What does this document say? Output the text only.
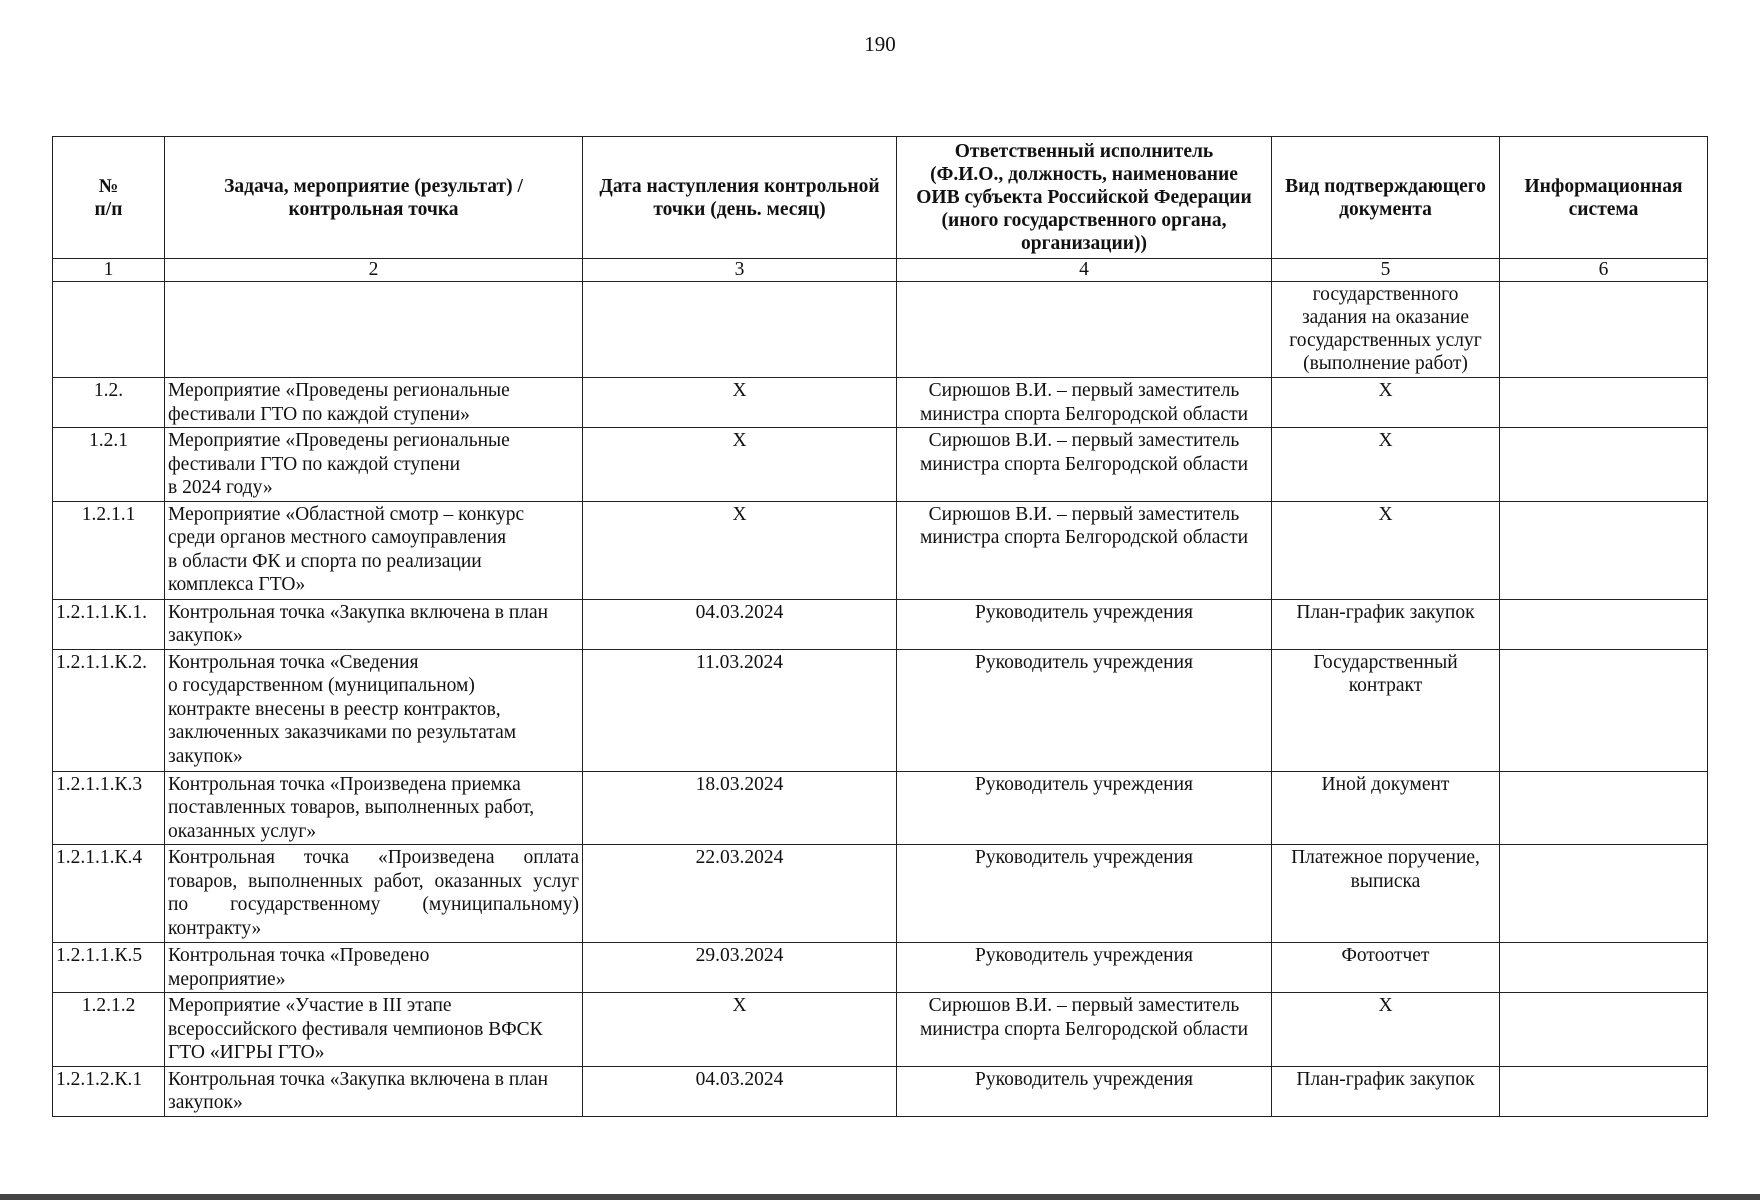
190
№
п/п	Задача, мероприятие (результат) /
контрольная точка	Дата наступления контрольной
точки (день. месяц)	Ответственный исполнитель
(Ф.И.О., должность, наименование
ОИВ субъекта Российской Федерации
(иного государственного органа,
организации))	Вид подтверждающего
документа	Информационная
система
1	2	3	4	5	6
				государственного
задания на оказание
государственных услуг
(выполнение работ)	
1.2.	Мероприятие «Проведены региональные
фестивали ГТО по каждой ступени»	X	Сирюшов В.И. – первый заместитель
министра спорта Белгородской области	X	
1.2.1	Мероприятие «Проведены региональные
фестивали ГТО по каждой ступени
в 2024 году»	X	Сирюшов В.И. – первый заместитель
министра спорта Белгородской области	X	
1.2.1.1	Мероприятие «Областной смотр – конкурс
среди органов местного самоуправления
в области ФК и спорта по реализации
комплекса ГТО»	X	Сирюшов В.И. – первый заместитель
министра спорта Белгородской области	X	
1.2.1.1.К.1.	Контрольная точка «Закупка включена в план
закупок»	04.03.2024	Руководитель учреждения	План-график закупок	
1.2.1.1.К.2.	Контрольная точка «Сведения
о государственном (муниципальном)
контракте внесены в реестр контрактов,
заключенных заказчиками по результатам
закупок»	11.03.2024	Руководитель учреждения	Государственный
контракт	
1.2.1.1.К.3	Контрольная точка «Произведена приемка
поставленных товаров, выполненных работ,
оказанных услуг»	18.03.2024	Руководитель учреждения	Иной документ	
1.2.1.1.К.4	Контрольная точка «Произведена оплата товаров, выполненных работ, оказанных услуг по государственному (муниципальному) контракту»	22.03.2024	Руководитель учреждения	Платежное поручение,
выписка	
1.2.1.1.К.5	Контрольная точка «Проведено
мероприятие»	29.03.2024	Руководитель учреждения	Фотоотчет	
1.2.1.2	Мероприятие «Участие в III этапе
всероссийского фестиваля чемпионов ВФСК
ГТО «ИГРЫ ГТО»	X	Сирюшов В.И. – первый заместитель
министра спорта Белгородской области	X	
1.2.1.2.К.1	Контрольная точка «Закупка включена в план
закупок»	04.03.2024	Руководитель учреждения	План-график закупок	
